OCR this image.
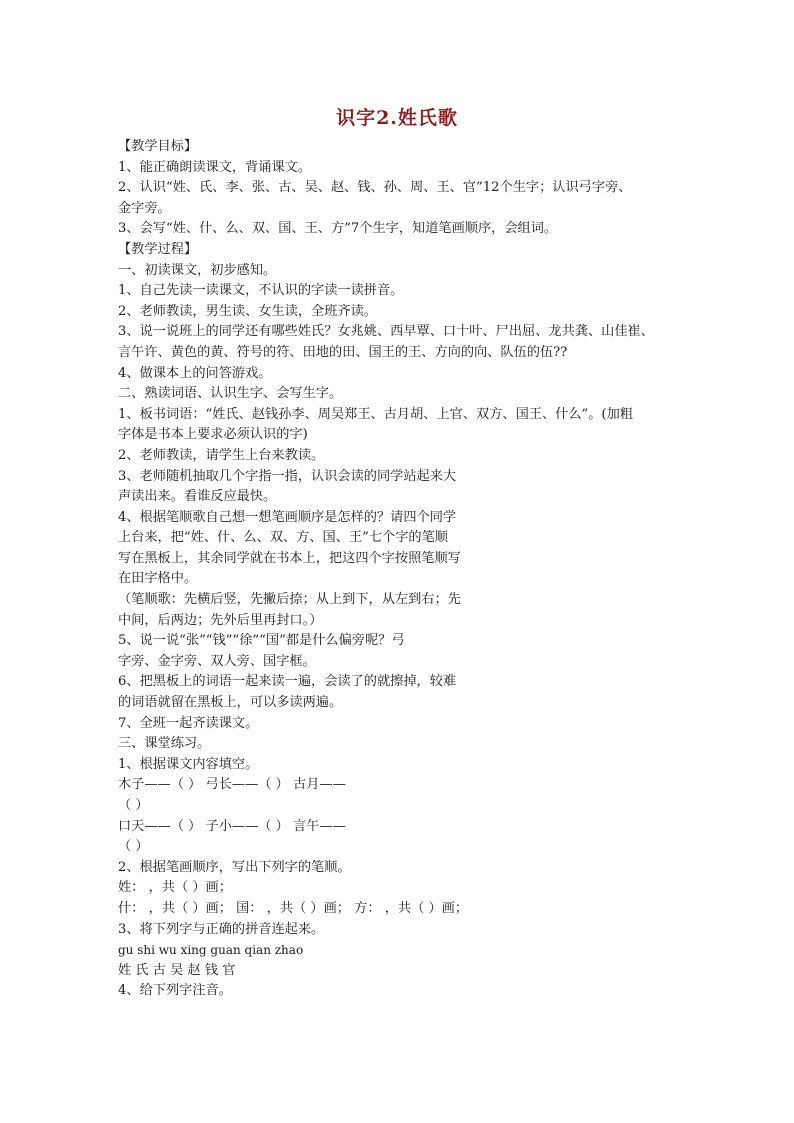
识字2.姓氏歌
【教学目标】
1、能正确朗读课文，背诵课文。
2、认识“姓、氏、李、张、古、吴、赵、钱、孙、周、王、官”12个生字；认识弓字旁、
金字旁。
3、会写“姓、什、么、双、国、王、方”7个生字，知道笔画顺序，会组词。
【教学过程】
一、初读课文，初步感知。
1、自己先读一读课文，不认识的字读一读拼音。
2、老师教读，男生读、女生读，全班齐读。
3、说一说班上的同学还有哪些姓氏？女兆姚、西早覃、口十叶、尸出屈、龙共龚、山佳崔、
言午许、黄色的黄、符号的符、田地的田、国王的王、方向的向、队伍的伍??
4、做课本上的问答游戏。
二、熟读词语、认识生字、会写生字。
1、板书词语：“姓氏、赵钱孙李、周吴郑王、古月胡、上官、双方、国王、什么”。(加粗
字体是书本上要求必须认识的字)
2、老师教读，请学生上台来教读。
3、老师随机抽取几个字指一指，认识会读的同学站起来大
声读出来。看谁反应最快。
4、根据笔顺歌自己想一想笔画顺序是怎样的？请四个同学
上台来，把“姓、什、么、双、方、国、王”七个字的笔顺
写在黑板上，其余同学就在书本上，把这四个字按照笔顺写
在田字格中。
（笔顺歌：先横后竖，先撇后捺；从上到下，从左到右；先
中间，后两边；先外后里再封口。）
5、说一说“张”“钱”“徐”“国”都是什么偏旁呢？弓
字旁、金字旁、双人旁、国字框。
6、把黑板上的词语一起来读一遍，会读了的就擦掉，较难
的词语就留在黑板上，可以多读两遍。
7、全班一起齐读课文。
三、课堂练习。
1、根据课文内容填空。
木子——（ ） 弓长——（ ） 古月——
（ ）
口天——（ ） 子小——（ ） 言午——
（ ）
2、根据笔画顺序，写出下列字的笔顺。
姓： ，共（ ）画；
什： ，共（ ）画； 国： ，共（ ）画； 方： ，共（ ）画；
3、将下列字与正确的拼音连起来。
gu shi wu xing guan qian zhao
姓 氏 古 吴 赵 钱 官
4、给下列字注音。
